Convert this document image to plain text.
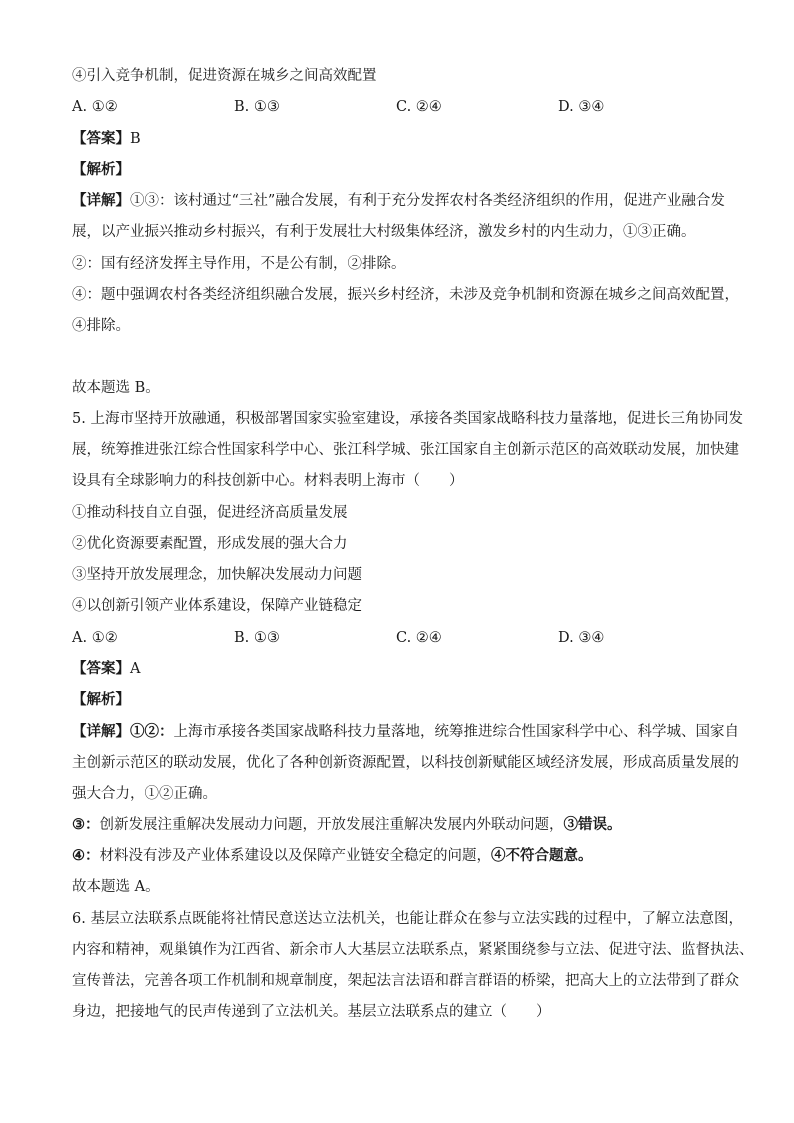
④引入竞争机制，促进资源在城乡之间高效配置
A. ①②	B. ①③	C. ②④	D. ③④
【答案】B
【解析】
【详解】①③：该村通过“三社”融合发展，有利于充分发挥农村各类经济组织的作用，促进产业融合发
展，以产业振兴推动乡村振兴，有利于发展壮大村级集体经济，激发乡村的内生动力，①③正确。
②：国有经济发挥主导作用，不是公有制，②排除。
④：题中强调农村各类经济组织融合发展，振兴乡村经济，未涉及竞争机制和资源在城乡之间高效配置，
④排除。
故本题选 B。
5. 上海市坚持开放融通，积极部署国家实验室建设，承接各类国家战略科技力量落地，促进长三角协同发
展，统筹推进张江综合性国家科学中心、张江科学城、张江国家自主创新示范区的高效联动发展，加快建
设具有全球影响力的科技创新中心。材料表明上海市（　　）
①推动科技自立自强，促进经济高质量发展
②优化资源要素配置，形成发展的强大合力
③坚持开放发展理念，加快解决发展动力问题
④以创新引领产业体系建设，保障产业链稳定
A. ①②	B. ①③	C. ②④	D. ③④
【答案】A
【解析】
【详解】①②：上海市承接各类国家战略科技力量落地，统筹推进综合性国家科学中心、科学城、国家自
主创新示范区的联动发展，优化了各种创新资源配置，以科技创新赋能区域经济发展，形成高质量发展的
强大合力，①②正确。
③：创新发展注重解决发展动力问题，开放发展注重解决发展内外联动问题，③错误。
④：材料没有涉及产业体系建设以及保障产业链安全稳定的问题，④不符合题意。
故本题选 A。
6. 基层立法联系点既能将社情民意送达立法机关，也能让群众在参与立法实践的过程中，了解立法意图，
内容和精神，观巢镇作为江西省、新余市人大基层立法联系点，紧紧围绕参与立法、促进守法、监督执法、
宣传普法，完善各项工作机制和规章制度，架起法言法语和群言群语的桥梁，把高大上的立法带到了群众
身边，把接地气的民声传递到了立法机关。基层立法联系点的建立（　　）
